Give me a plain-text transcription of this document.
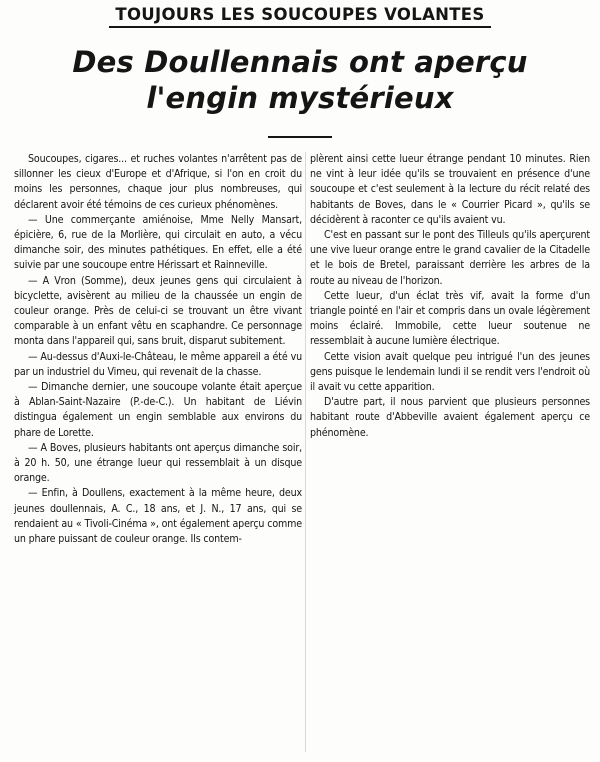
TOUJOURS LES SOUCOUPES VOLANTES
Des Doullennais ont aperçu
l'engin mystérieux

Soucoupes, cigares... et ruches volantes n'arrêtent pas de sillonner les cieux d'Europe et d'Afrique, si l'on en croit du moins les personnes, chaque jour plus nombreuses, qui déclarent avoir été témoins de ces curieux phénomènes.

— Une commerçante amiénoise, Mme Nelly Mansart, épicière, 6, rue de la Morlière, qui circulait en auto, a vécu dimanche soir, des minutes pathétiques. En effet, elle a été suivie par une soucoupe entre Hérissart et Rainneville.

— A Vron (Somme), deux jeunes gens qui circulaient à bicyclette, avisèrent au milieu de la chaussée un engin de couleur orange. Près de celui-ci se trouvant un être vivant comparable à un enfant vêtu en scaphandre. Ce personnage monta dans l'appareil qui, sans bruit, disparut subitement.

— Au-dessus d'Auxi-le-Château, le même appareil a été vu par un industriel du Vimeu, qui revenait de la chasse.

— Dimanche dernier, une soucoupe volante était aperçue à Ablan-Saint-Nazaire (P.-de-C.). Un habitant de Liévin distingua également un engin semblable aux environs du phare de Lorette.

— A Boves, plusieurs habitants ont aperçus dimanche soir, à 20 h. 50, une étrange lueur qui ressemblait à un disque orange.

— Enfin, à Doullens, exactement à la même heure, deux jeunes doullennais, A. C., 18 ans, et J. N., 17 ans, qui se rendaient au « Tivoli-Cinéma », ont également aperçu comme un phare puissant de couleur orange. Ils contem-

plèrent ainsi cette lueur étrange pendant 10 minutes. Rien ne vint à leur idée qu'ils se trouvaient en présence d'une soucoupe et c'est seulement à la lecture du récit relaté des habitants de Boves, dans le « Courrier Picard », qu'ils se décidèrent à raconter ce qu'ils avaient vu.

C'est en passant sur le pont des Tilleuls qu'ils aperçurent une vive lueur orange entre le grand cavalier de la Citadelle et le bois de Bretel, paraissant derrière les arbres de la route au niveau de l'horizon.

Cette lueur, d'un éclat très vif, avait la forme d'un triangle pointé en l'air et compris dans un ovale légèrement moins éclairé. Immobile, cette lueur soutenue ne ressemblait à aucune lumière électrique.

Cette vision avait quelque peu intrigué l'un des jeunes gens puisque le lendemain lundi il se rendit vers l'endroit où il avait vu cette apparition.

D'autre part, il nous parvient que plusieurs personnes habitant route d'Abbeville avaient également aperçu ce phénomène.
